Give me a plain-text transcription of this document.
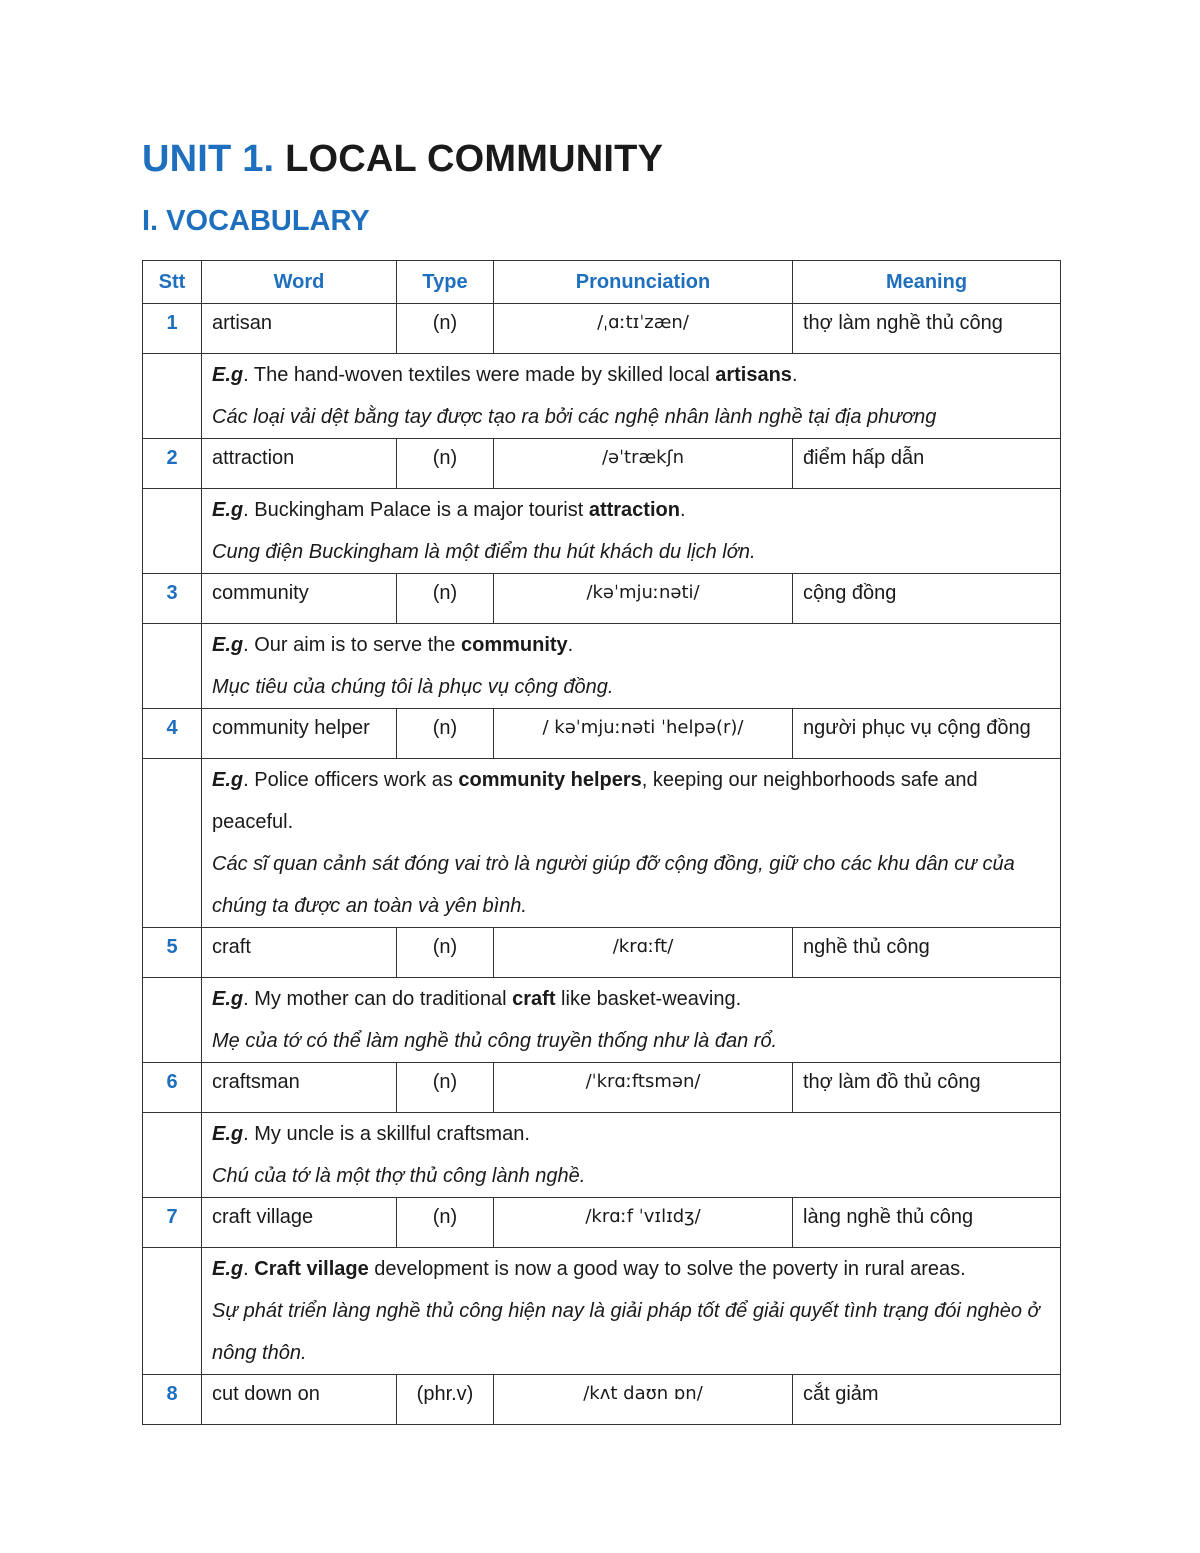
UNIT 1. LOCAL COMMUNITY
I. VOCABULARY
Stt	Word	Type	Pronunciation	Meaning
1	artisan	(n)	/ˌɑːtɪˈzæn/	thợ làm nghề thủ công

	E.g. The hand-woven textiles were made by skilled local artisans.
Các loại vải dệt bằng tay được tạo ra bởi các nghệ nhân lành nghề tại địa phương			

2	attraction	(n)	/əˈtrækʃn	điểm hấp dẫn

	E.g. Buckingham Palace is a major tourist attraction.
Cung điện Buckingham là một điểm thu hút khách du lịch lớn.			

3	community	(n)	/kəˈmjuːnəti/	cộng đồng

	E.g. Our aim is to serve the community.
Mục tiêu của chúng tôi là phục vụ cộng đồng.			

4	community helper	(n)	/ kəˈmjuːnəti ˈhelpə(r)/	người phục vụ cộng đồng

	E.g. Police officers work as community helpers, keeping our neighborhoods safe and peaceful.
Các sĩ quan cảnh sát đóng vai trò là người giúp đỡ cộng đồng, giữ cho các khu dân cư của chúng ta được an toàn và yên bình.			

5	craft	(n)	/krɑːft/	nghề thủ công

	E.g. My mother can do traditional craft like basket-weaving.
Mẹ của tớ có thể làm nghề thủ công truyền thống như là đan rổ.			

6	craftsman	(n)	/ˈkrɑːftsmən/	thợ làm đồ thủ công

	E.g. My uncle is a skillful craftsman.
Chú của tớ là một thợ thủ công lành nghề.			

7	craft village	(n)	/krɑːf ˈvɪlɪdʒ/	làng nghề thủ công

	E.g. Craft village development is now a good way to solve the poverty in rural areas.
Sự phát triển làng nghề thủ công hiện nay là giải pháp tốt để giải quyết tình trạng đói nghèo ở nông thôn.			

8	cut down on	(phr.v)	/kʌt daʊn ɒn/	cắt giảm
